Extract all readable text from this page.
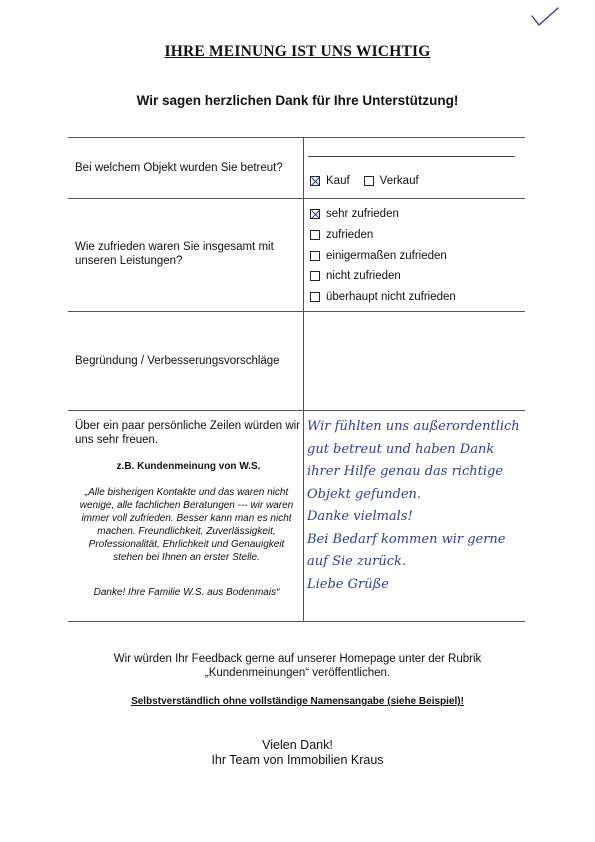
IHRE MEINUNG IST UNS WICHTIG
Wir sagen herzlichen Dank für Ihre Unterstützung!
Bei welchem Objekt wurden Sie betreut?
Kauf	Verkauf
Wie zufrieden waren Sie insgesamt mit unseren Leistungen?
sehr zufrieden
zufrieden
einigermaßen zufrieden
nicht zufrieden
überhaupt nicht zufrieden
Begründung / Verbesserungsvorschläge
Über ein paar persönliche Zeilen würden wir uns sehr freuen.
z.B. Kundenmeinung von W.S.
„Alle bisherigen Kontakte und das waren nicht wenige, alle fachlichen Beratungen --- wir waren immer voll zufrieden. Besser kann man es nicht machen. Freundlichkeit, Zuverlässigkeit, Professionalität, Ehrlichkeit und Genauigkeit stehen bei Ihnen an erster Stelle.
Danke! Ihre Familie W.S. aus Bodenmais“
Wir fühlten uns außerordentlich
gut betreut und haben Dank
ihrer Hilfe genau das richtige
Objekt gefunden.
Danke vielmals!
Bei Bedarf kommen wir gerne
auf Sie zurück.
Liebe Grüße
Wir würden Ihr Feedback gerne auf unserer Homepage unter der Rubrik
„Kundenmeinungen“ veröffentlichen.
Selbstverständlich ohne vollständige Namensangabe (siehe Beispiel)!
Vielen Dank!
Ihr Team von Immobilien Kraus
